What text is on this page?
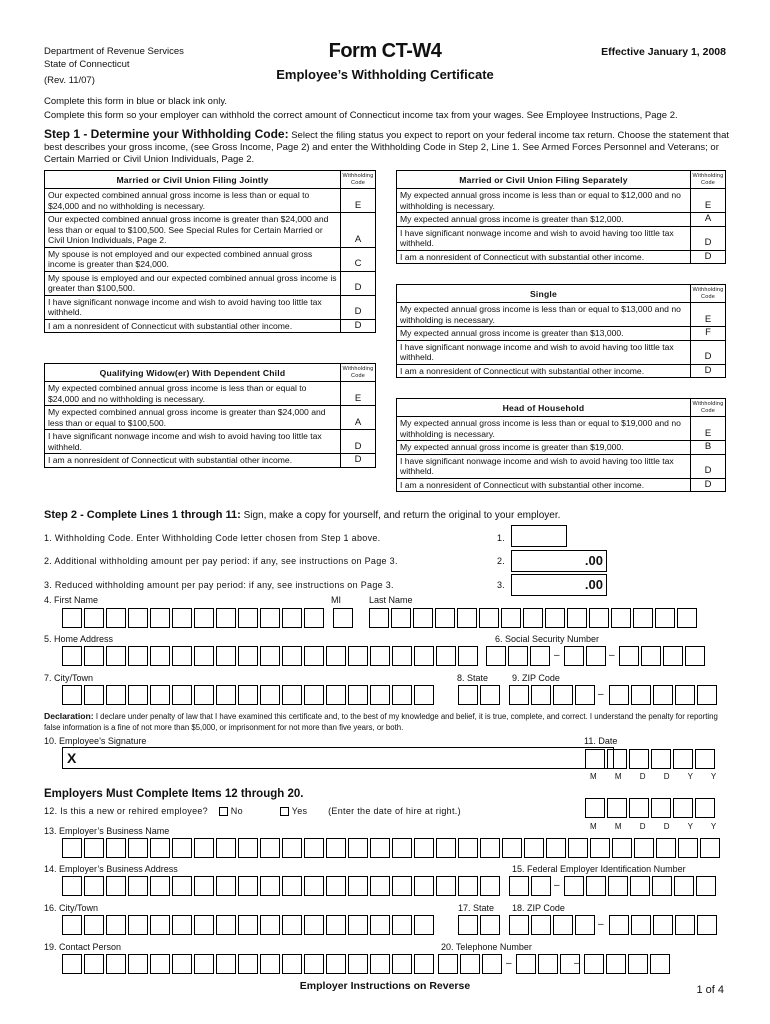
Department of Revenue Services
State of Connecticut
(Rev. 11/07)
Form CT-W4
Employee’s Withholding Certificate
Effective January 1, 2008
Complete this form in blue or black ink only.
Complete this form so your employer can withhold the correct amount of Connecticut income tax from your wages. See Employee Instructions, Page 2.
Step 1 - Determine your Withholding Code: Select the filing status you expect to report on your federal income tax return. Choose the statement that best describes your gross income, (see Gross Income, Page 2) and enter the Withholding Code in Step 2, Line 1. See Armed Forces Personnel and Veterans; or Certain Married or Civil Union Individuals, Page 2.
Married or Civil Union Filing Jointly	Withholding Code
Our expected combined annual gross income is less than or equal to $24,000 and no withholding is necessary.	E
Our expected combined annual gross income is greater than $24,000 and less than or equal to $100,500. See Special Rules for Certain Married or Civil Union Individuals, Page 2.	A
My spouse is not employed and our expected combined annual gross income is greater than $24,000.	C
My spouse is employed and our expected combined annual gross income is greater than $100,500.	D
I have significant nonwage income and wish to avoid having too little tax withheld.	D
I am a nonresident of Connecticut with substantial other income.	D
Qualifying Widow(er) With Dependent Child	Withholding Code
My expected combined annual gross income is less than or equal to $24,000 and no withholding is necessary.	E
My expected combined annual gross income is greater than $24,000 and less than or equal to $100,500.	A
I have significant nonwage income and wish to avoid having too little tax withheld.	D
I am a nonresident of Connecticut with substantial other income.	D
Married or Civil Union Filing Separately	Withholding Code
My expected annual gross income is less than or equal to $12,000 and no withholding is necessary.	E
My expected annual gross income is greater than $12,000.	A
I have significant nonwage income and wish to avoid having too little tax withheld.	D
I am a nonresident of Connecticut with substantial other income.	D
Single	Withholding Code
My expected annual gross income is less than or equal to $13,000 and no withholding is necessary.	E
My expected annual gross income is greater than $13,000.	F
I have significant nonwage income and wish to avoid having too little tax withheld.	D
I am a nonresident of Connecticut with substantial other income.	D
Head of Household	Withholding Code
My expected annual gross income is less than or equal to $19,000 and no withholding is necessary.	E
My expected annual gross income is greater than $19,000.	B
I have significant nonwage income and wish to avoid having too little tax withheld.	D
I am a nonresident of Connecticut with substantial other income.	D
Step 2 - Complete Lines 1 through 11: Sign, make a copy for yourself, and return the original to your employer.
1. Withholding Code. Enter Withholding Code letter chosen from Step 1 above.	1.
2. Additional withholding amount per pay period: if any, see instructions on Page 3.	2.	.00
3. Reduced withholding amount per pay period: if any, see instructions on Page 3.	3.	.00
4. First Name	MI	Last Name
5. Home Address	6. Social Security Number
–	–
7. City/Town	8. State	9. ZIP Code
–
Declaration: I declare under penalty of law that I have examined this certificate and, to the best of my knowledge and belief, it is true, complete, and correct. I understand the penalty for reporting false information is a fine of not more than $5,000, or imprisonment for not more than five years, or both.
10. Employee’s Signature	11. Date
X
M M D D Y Y
Employers Must Complete Items 12 through 20.
12. Is this a new or rehired employee?	No	Yes (Enter the date of hire at right.)
M M D D Y Y
13. Employer’s Business Name
14. Employer’s Business Address	15. Federal Employer Identification Number
–
16. City/Town	17. State 18. ZIP Code
–
19. Contact Person	20. Telephone Number
–	–
Employer Instructions on Reverse	1 of 4
